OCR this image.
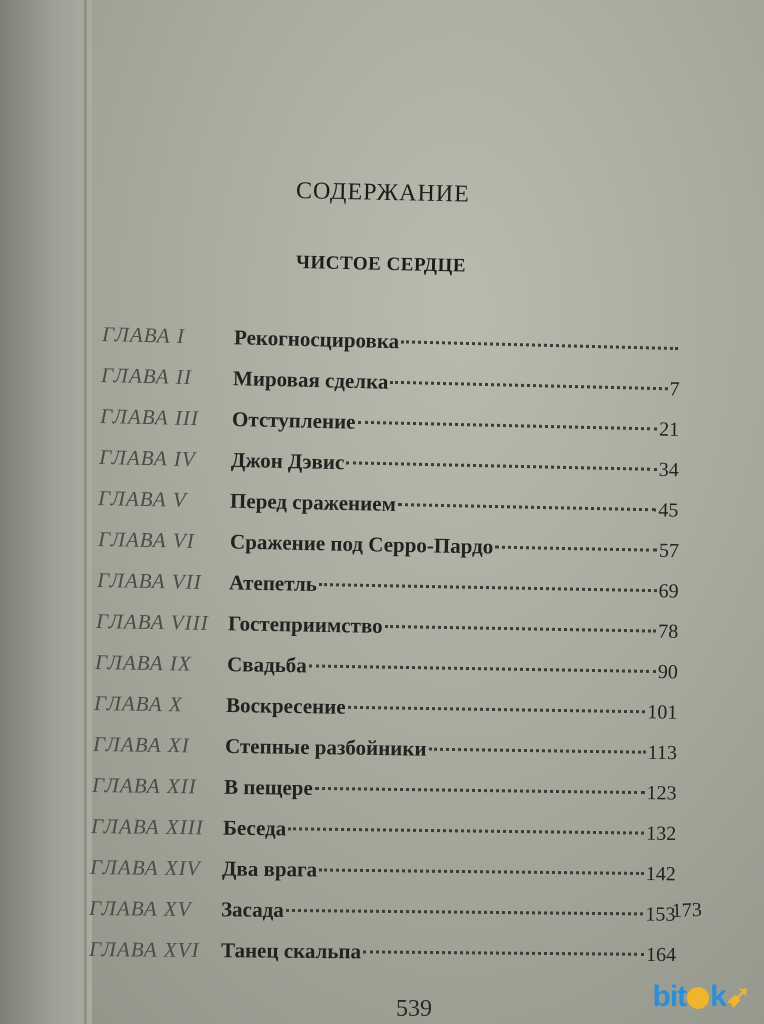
СОДЕРЖАНИЕ
ЧИСТОЕ СЕРДЦЕ
ГЛАВА I	Рекогносцировка
ГЛАВА II	Мировая сделка	7
ГЛАВА III	Отступление	21
ГЛАВА IV	Джон Дэвис	34
ГЛАВА V	Перед сражением	45
ГЛАВА VI	Сражение под Серро-Пардо	57
ГЛАВА VII	Атепетль	69
ГЛАВА VIII Гостеприимство	78
ГЛАВА IX	Свадьба	90
ГЛАВА X	Воскресение	101
ГЛАВА XI	Степные разбойники	113
ГЛАВА XII	В пещере	123
ГЛАВА XIII Беседа	132
ГЛАВА XIV	Два врага	142
ГЛАВА XV	Засада	153
ГЛАВА XVI	Танец скальпа	164
173
539	bit k➹
